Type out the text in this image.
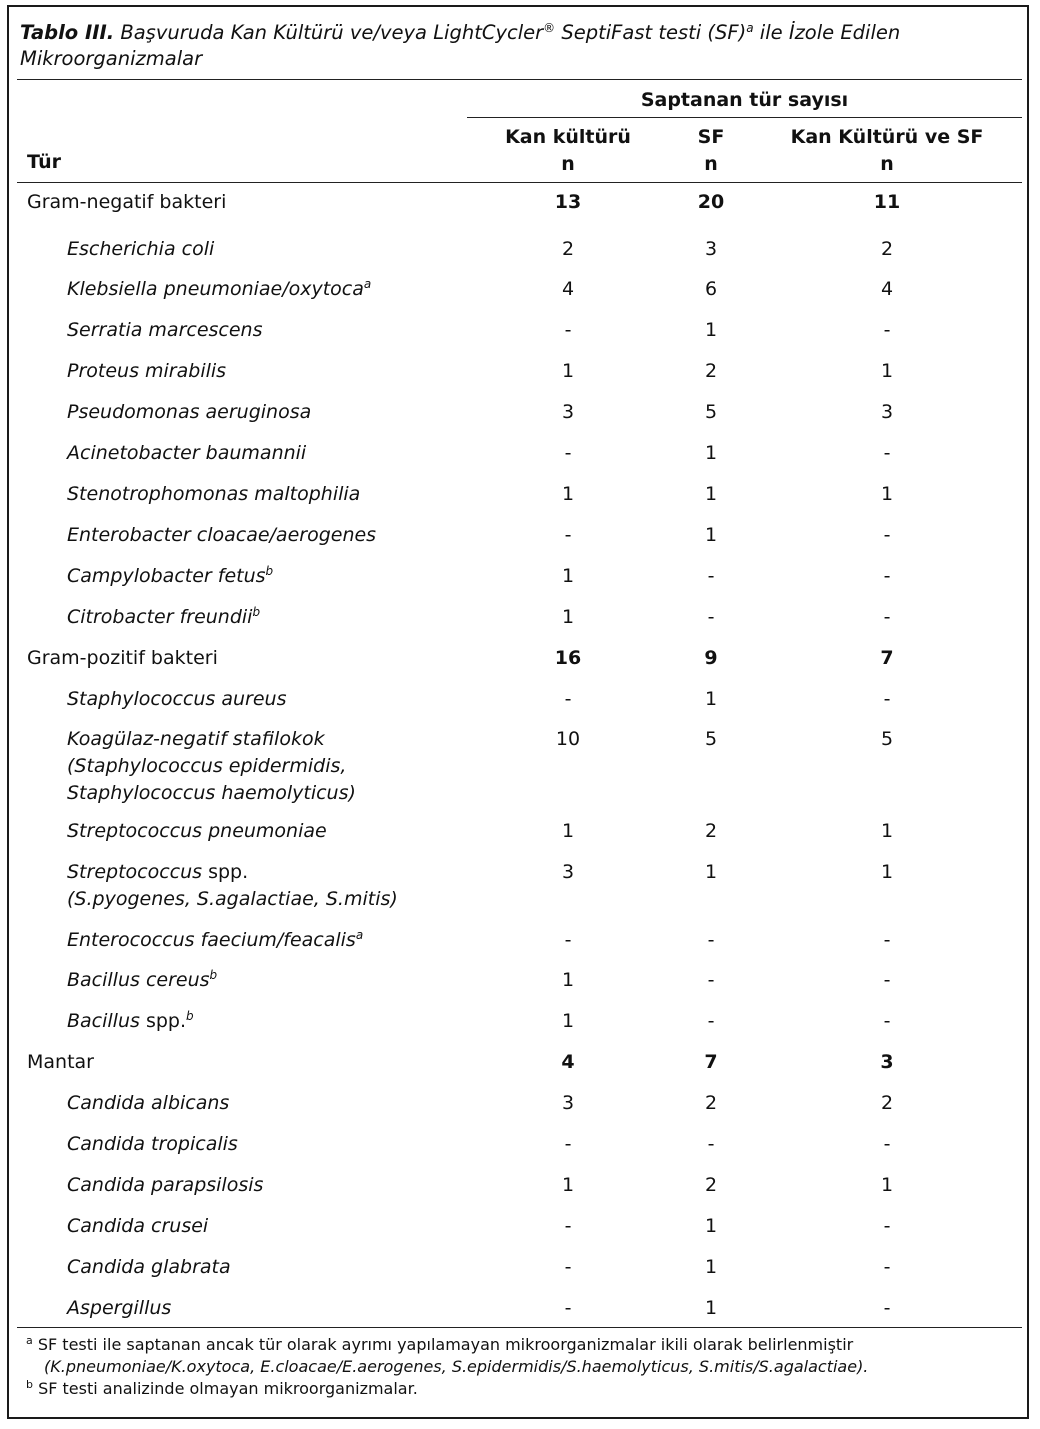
Tablo III. Başvuruda Kan Kültürü ve/veya LightCycler® SeptiFast testi (SF)$^a$ ile İzole Edilen Mikroorganizmalar
Saptanan tür sayısı
Kan kültürü
n
SF
n
Kan Kültürü ve SF
n
Tür
Gram-negatif bakteri	13	20	11
Escherichia coli	2	3	2
Klebsiella pneumoniae/oxytoca$^a$	4	6	4
Serratia marcescens	-	1	-
Proteus mirabilis	1	2	1
Pseudomonas aeruginosa	3	5	3
Acinetobacter baumannii	-	1	-
Stenotrophomonas maltophilia	1	1	1
Enterobacter cloacae/aerogenes	-	1	-
Campylobacter fetus$^b$	1	-	-
Citrobacter freundii$^b$	1	-	-
Gram-pozitif bakteri	16	9	7
Staphylococcus aureus	-	1	-
Koagülaz-negatif stafilokok
(Staphylococcus epidermidis,
Staphylococcus haemolyticus)
10	5	5
Streptococcus pneumoniae	1	2	1
Streptococcus spp.
(S.pyogenes, S.agalactiae, S.mitis)
3	1	1
Enterococcus faecium/feacalis$^a$	-	-	-
Bacillus cereus$^b$	1	-	-
Bacillus spp.$^b$	1	-	-
Mantar	4	7	3
Candida albicans	3	2	2
Candida tropicalis	-	-	-
Candida parapsilosis	1	2	1
Candida crusei	-	1	-
Candida glabrata	-	1	-
Aspergillus	-	1	-
$^a$ SF testi ile saptanan ancak tür olarak ayrımı yapılamayan mikroorganizmalar ikili olarak belirlenmiştir
(K.pneumoniae/K.oxytoca, E.cloacae/E.aerogenes, S.epidermidis/S.haemolyticus, S.mitis/S.agalactiae).
$^b$ SF testi analizinde olmayan mikroorganizmalar.
